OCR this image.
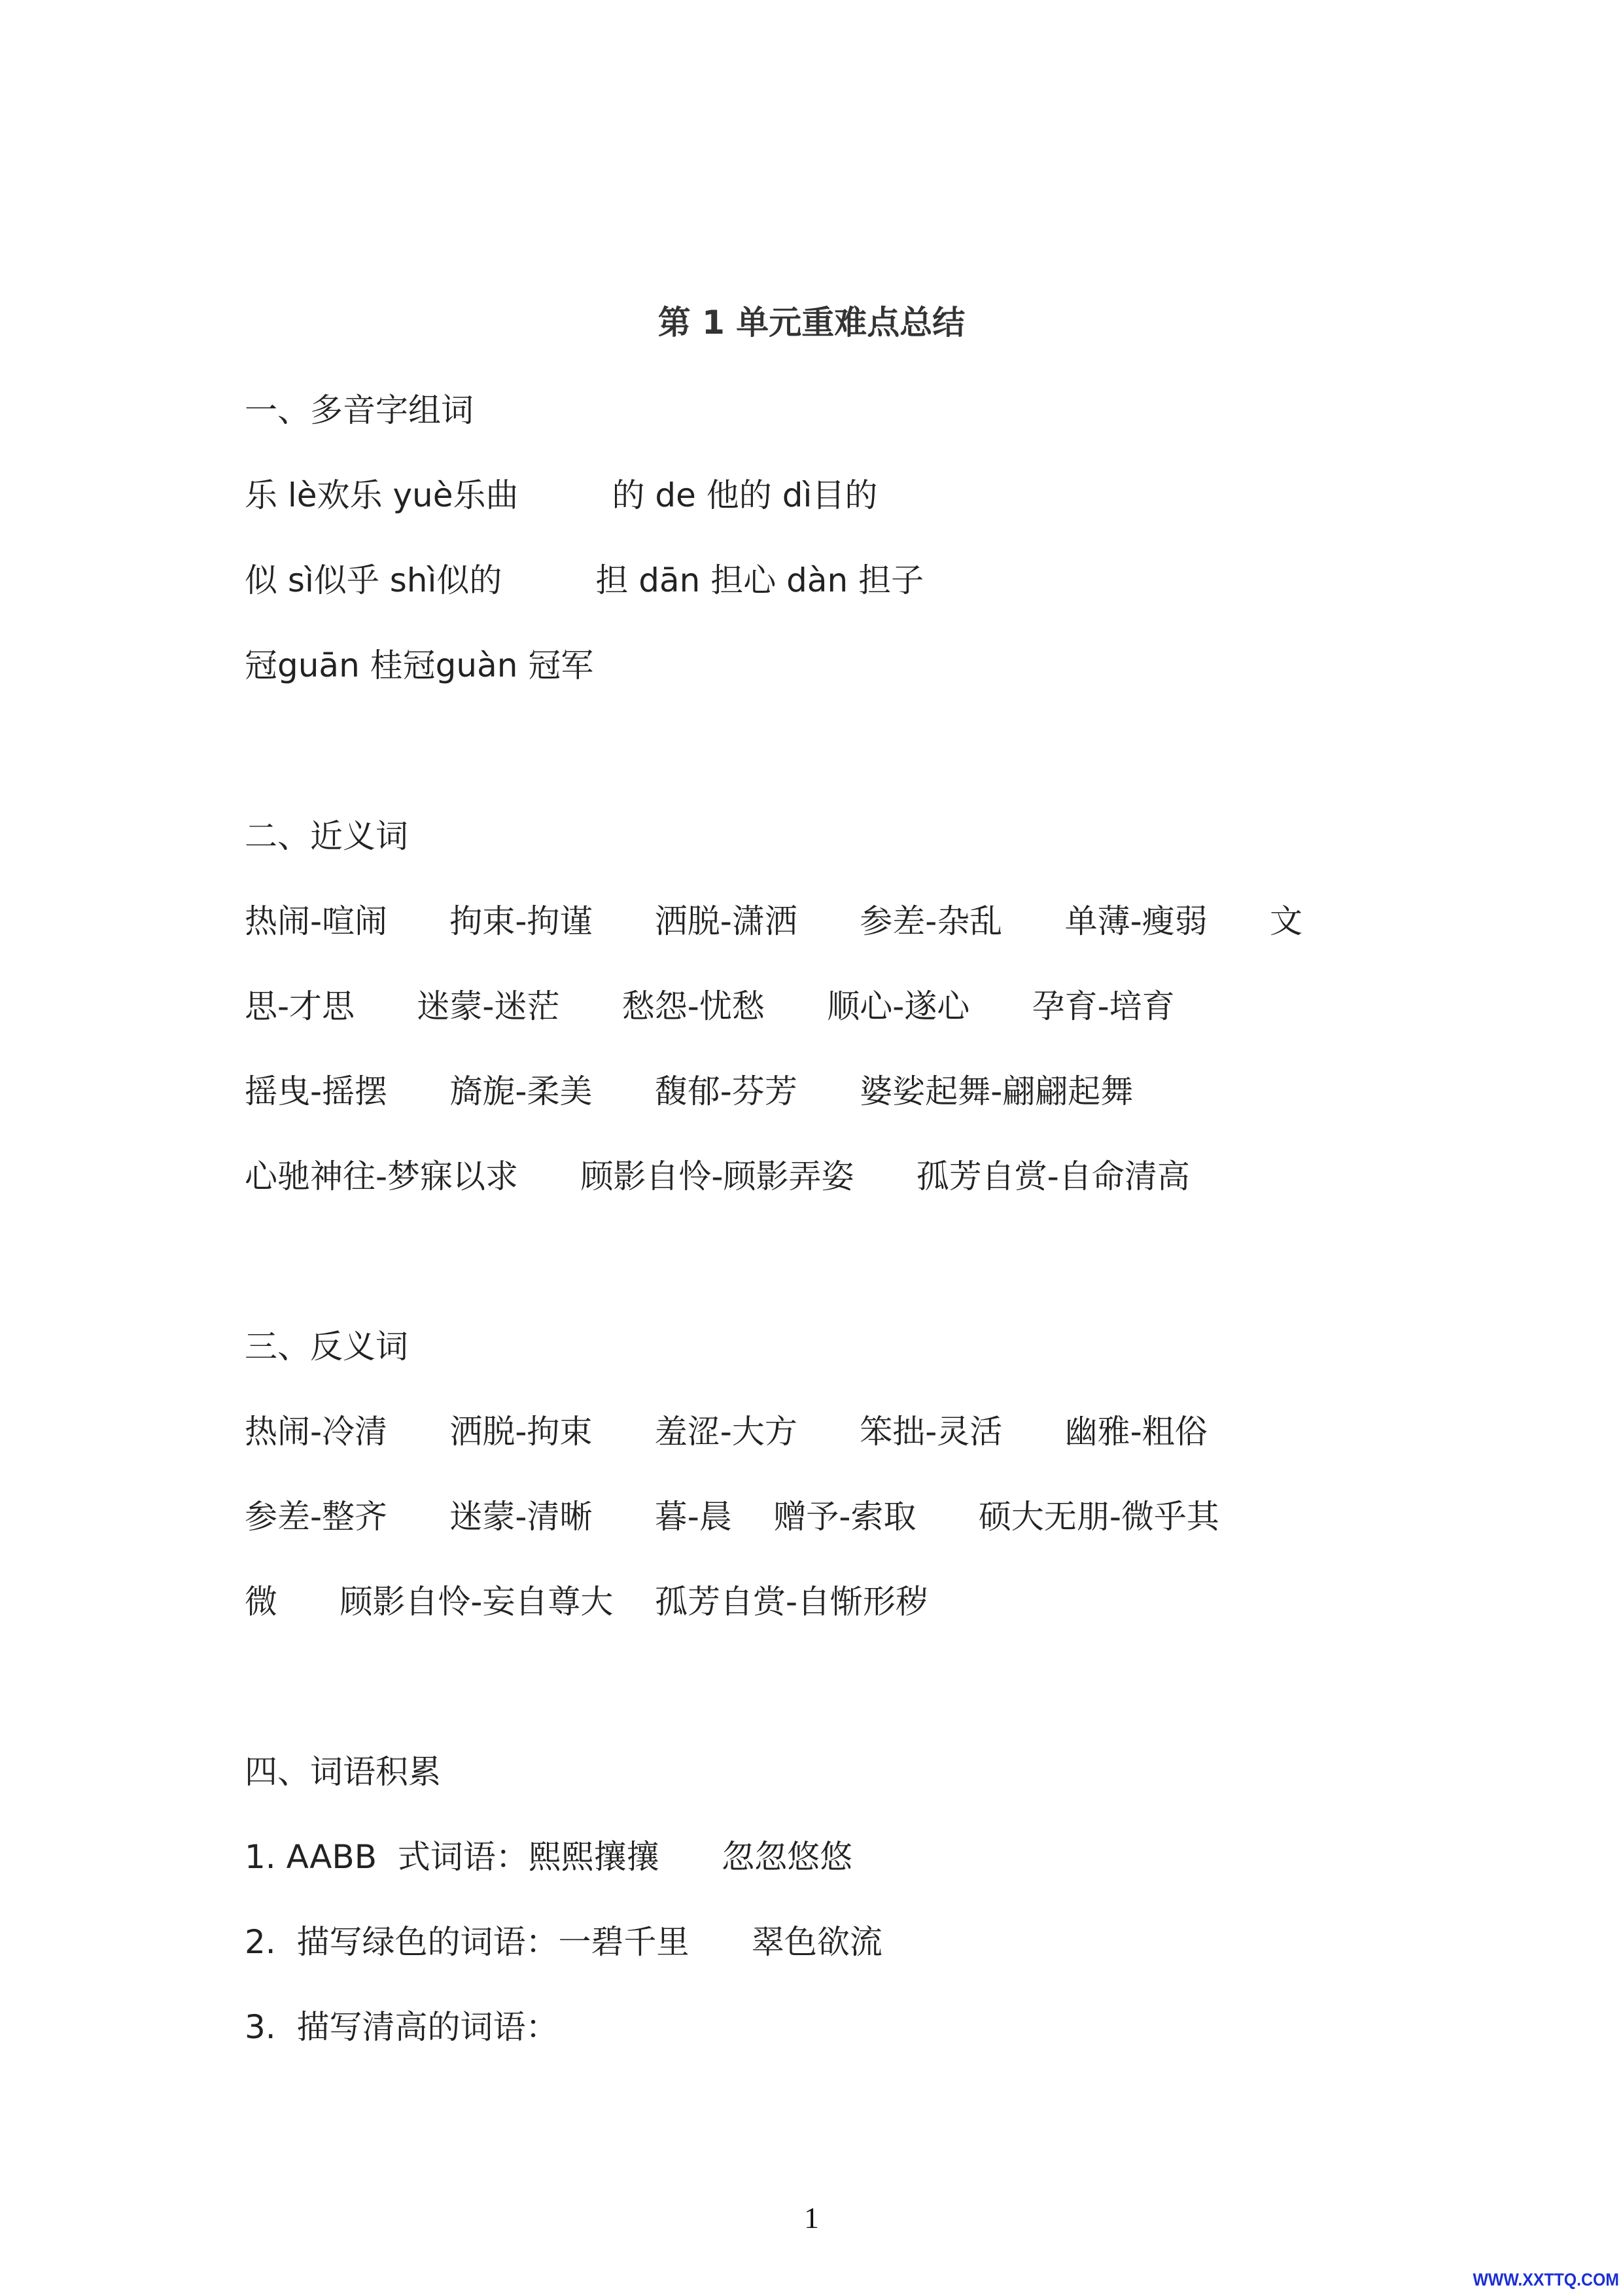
第 1 单元重难点总结
一、多音字组词
乐 lè欢乐 yuè乐曲         的 de 他的 dì目的
似 sì似乎 shì似的         担 dān 担心 dàn 担子
冠guān 桂冠guàn 冠军
二、近义词
热闹-喧闹      拘束-拘谨      洒脱-潇洒      参差-杂乱      单薄-瘦弱      文
思-才思      迷蒙-迷茫      愁怨-忧愁      顺心-遂心      孕育-培育
摇曳-摇摆      旖旎-柔美      馥郁-芬芳      婆娑起舞-翩翩起舞
心驰神往-梦寐以求      顾影自怜-顾影弄姿      孤芳自赏-自命清高
三、反义词
热闹-冷清      洒脱-拘束      羞涩-大方      笨拙-灵活      幽雅-粗俗
参差-整齐      迷蒙-清晰      暮-晨    赠予-索取      硕大无朋-微乎其
微      顾影自怜-妄自尊大    孤芳自赏-自惭形秽
四、词语积累
1. AABB  式词语：熙熙攘攘      忽忽悠悠
2.  描写绿色的词语：一碧千里      翠色欲流
3.  描写清高的词语：
1
WWW.XXTTQ.COM
